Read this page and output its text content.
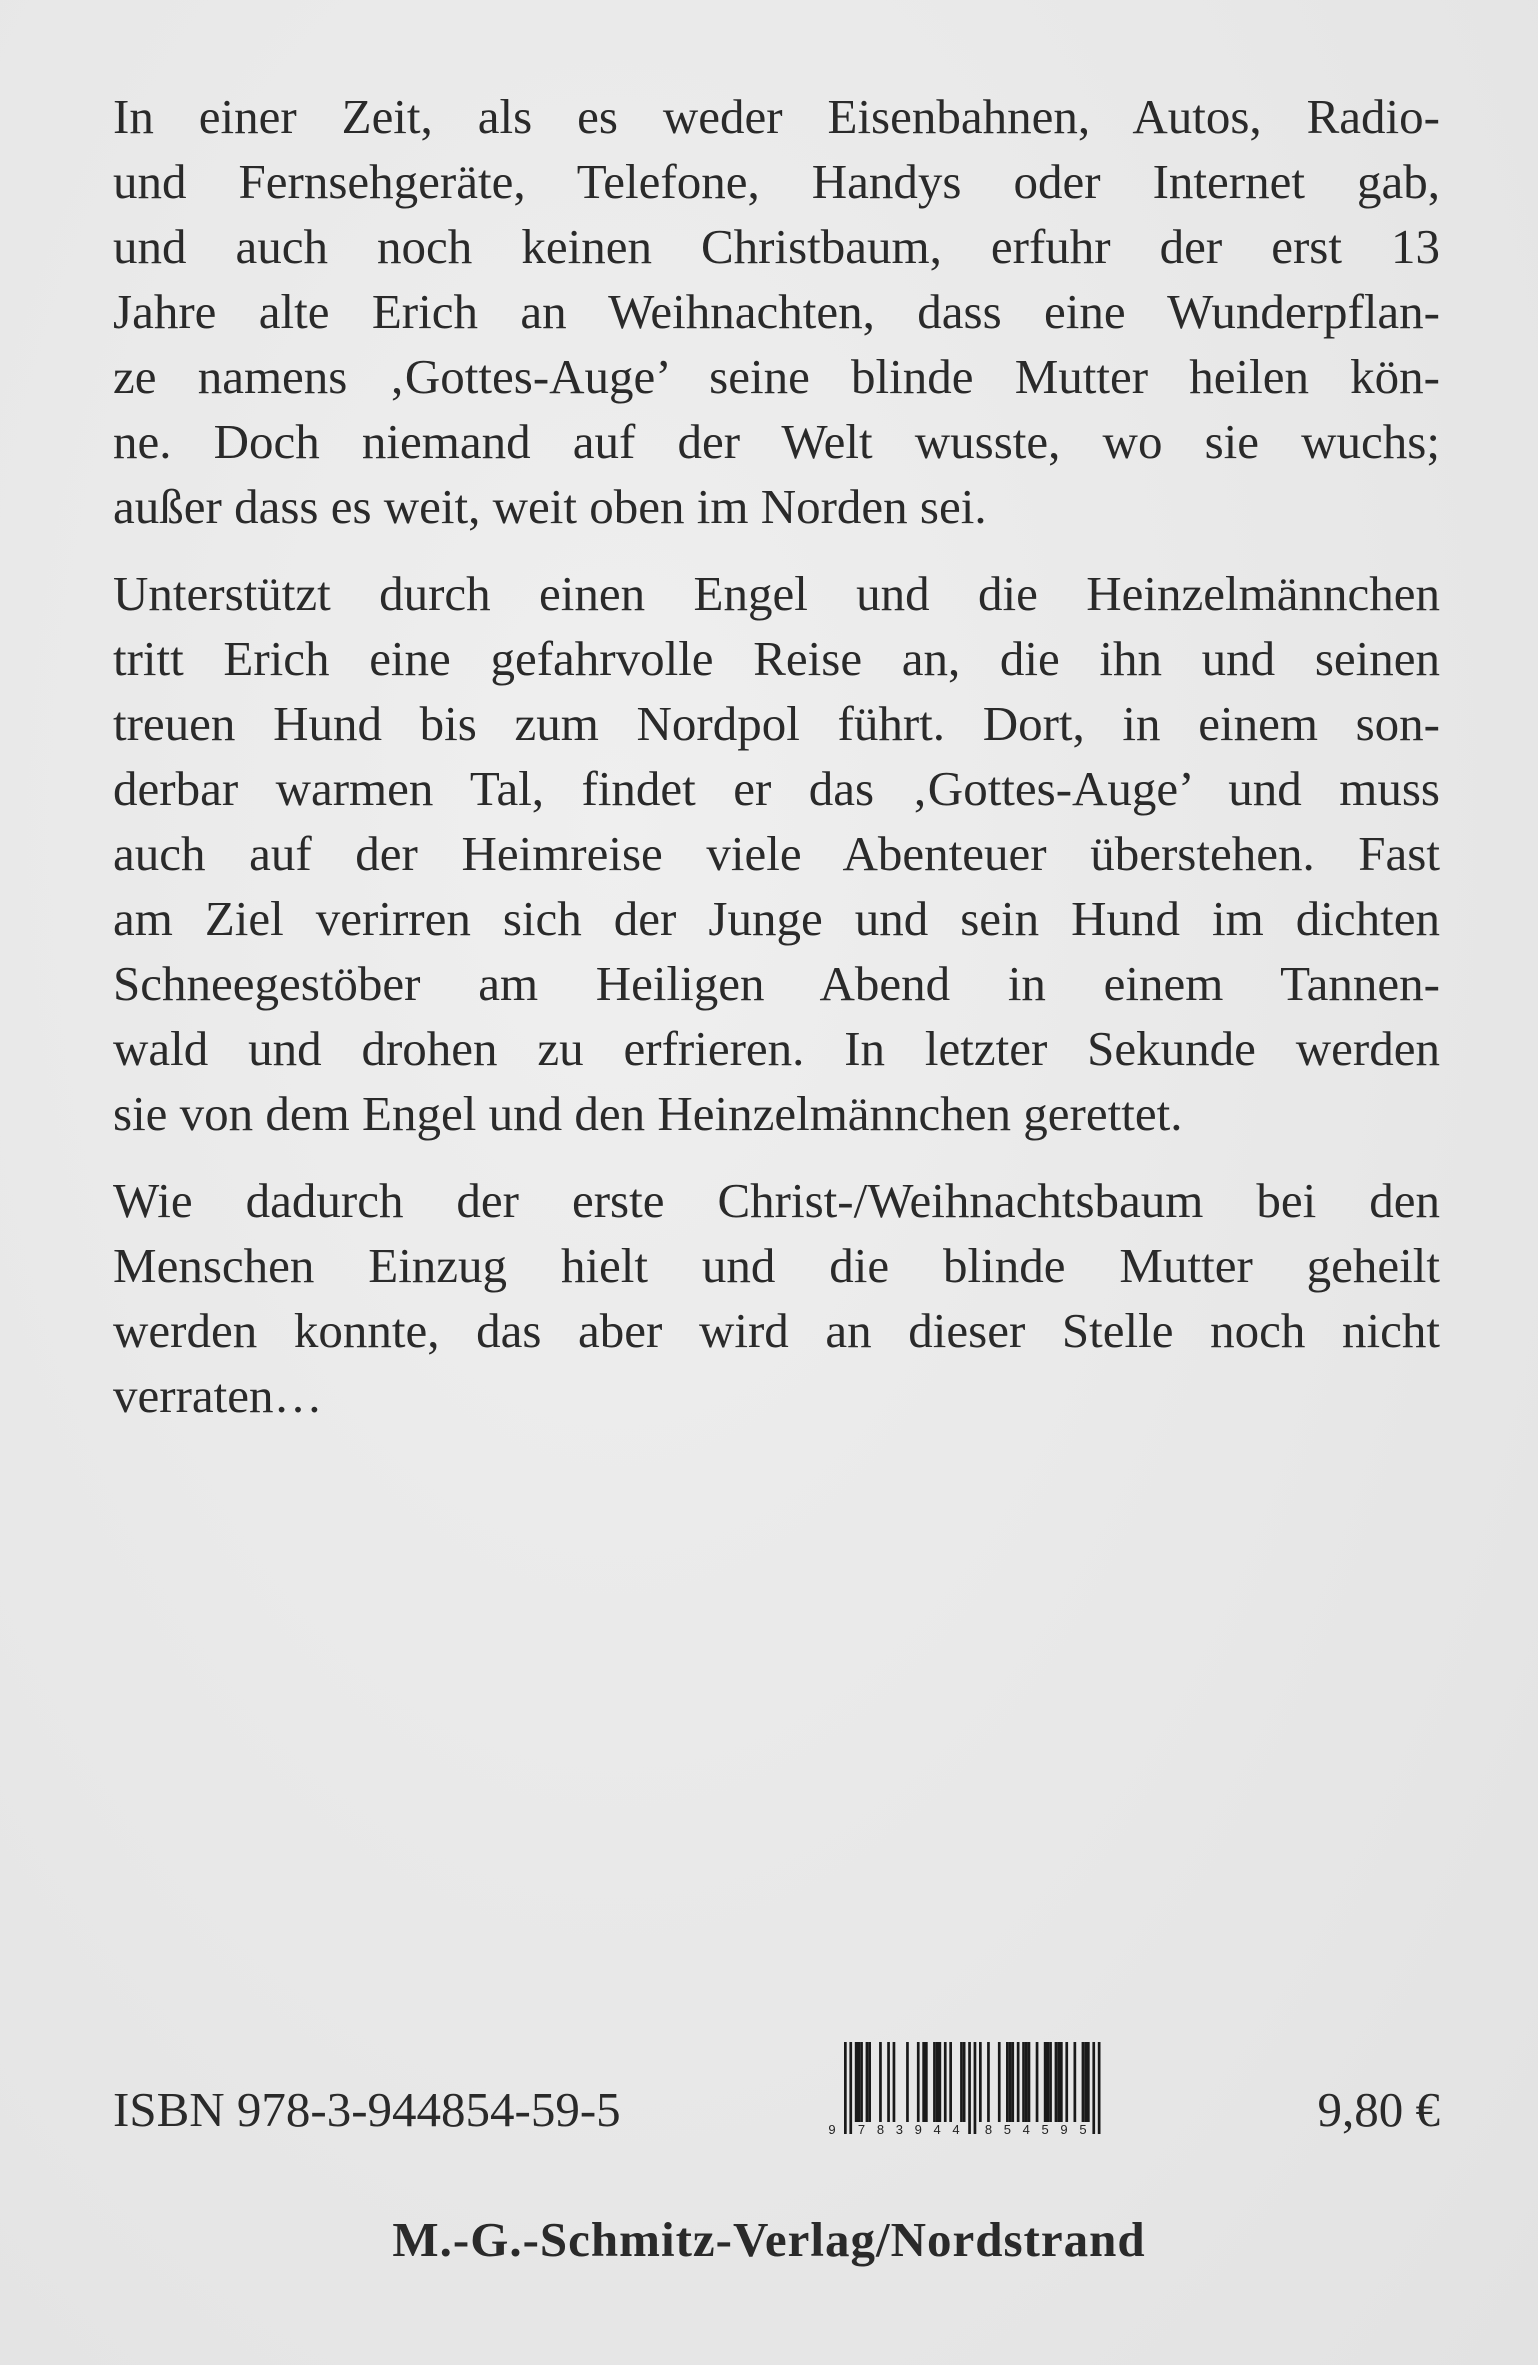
In einer Zeit, als es weder Eisenbahnen, Autos, Radio-
und Fernsehgeräte, Telefone, Handys oder Internet gab,
und auch noch keinen Christbaum, erfuhr der erst 13
Jahre alte Erich an Weihnachten, dass eine Wunderpflan-
ze namens ‚Gottes-Auge’ seine blinde Mutter heilen kön-
ne. Doch niemand auf der Welt wusste, wo sie wuchs;
außer dass es weit, weit oben im Norden sei.

Unterstützt durch einen Engel und die Heinzelmännchen
tritt Erich eine gefahrvolle Reise an, die ihn und seinen
treuen Hund bis zum Nordpol führt. Dort, in einem son-
derbar warmen Tal, findet er das ‚Gottes-Auge’ und muss
auch auf der Heimreise viele Abenteuer überstehen. Fast
am Ziel verirren sich der Junge und sein Hund im dichten
Schneegestöber am Heiligen Abend in einem Tannen-
wald und drohen zu erfrieren. In letzter Sekunde werden
sie von dem Engel und den Heinzelmännchen gerettet.

Wie dadurch der erste Christ-/Weihnachtsbaum bei den
Menschen Einzug hielt und die blinde Mutter geheilt
werden konnte, das aber wird an dieser Stelle noch nicht
verraten…

ISBN 978-3-944854-59-5	9 7 8 3 9 4 4 8 5 4 5 9 5	9,80 €
M.-G.-Schmitz-Verlag/Nordstrand
